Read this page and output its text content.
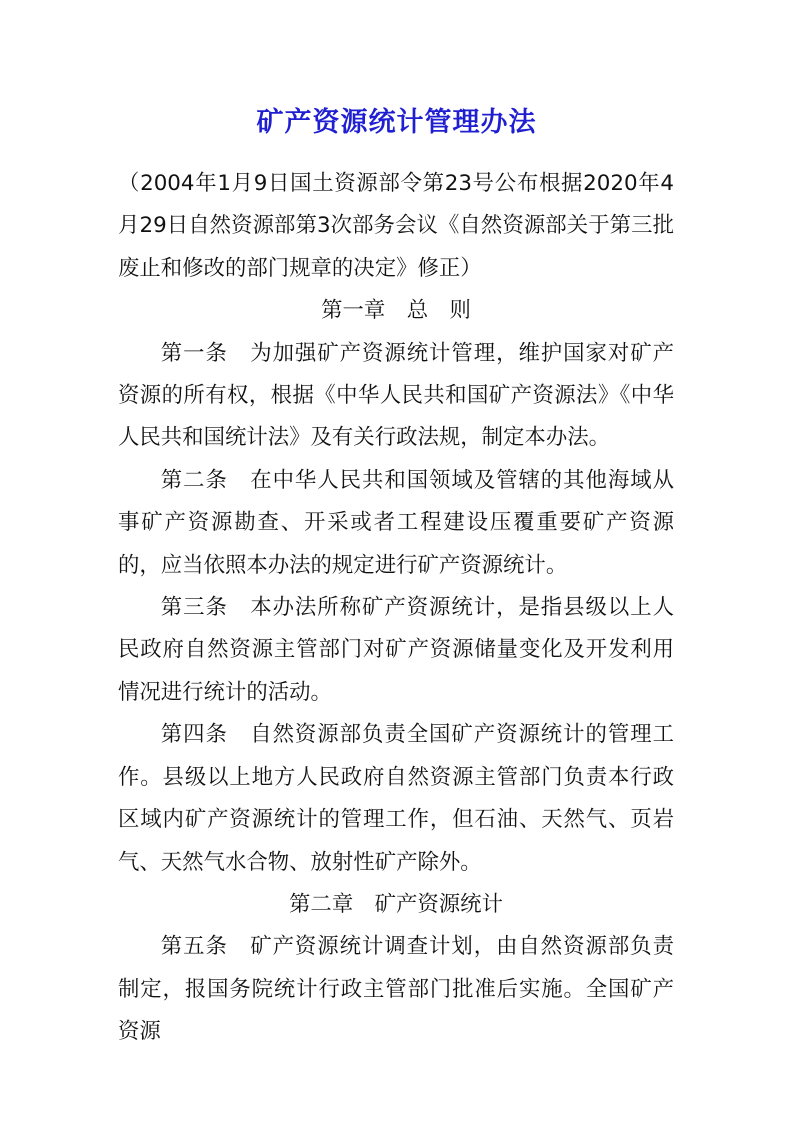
矿产资源统计管理办法

（2004年1月9日国土资源部令第23号公布根据2020年4月29日自然资源部第3次部务会议《自然资源部关于第三批废止和修改的部门规章的决定》修正）

第一章 总　则

第一条 为加强矿产资源统计管理，维护国家对矿产资源的所有权，根据《中华人民共和国矿产资源法》《中华人民共和国统计法》及有关行政法规，制定本办法。

第二条 在中华人民共和国领域及管辖的其他海域从事矿产资源勘查、开采或者工程建设压覆重要矿产资源的，应当依照本办法的规定进行矿产资源统计。

第三条 本办法所称矿产资源统计，是指县级以上人民政府自然资源主管部门对矿产资源储量变化及开发利用情况进行统计的活动。

第四条 自然资源部负责全国矿产资源统计的管理工作。县级以上地方人民政府自然资源主管部门负责本行政区域内矿产资源统计的管理工作，但石油、天然气、页岩气、天然气水合物、放射性矿产除外。

第二章 矿产资源统计

第五条 矿产资源统计调查计划，由自然资源部负责制定，报国务院统计行政主管部门批准后实施。全国矿产资源
